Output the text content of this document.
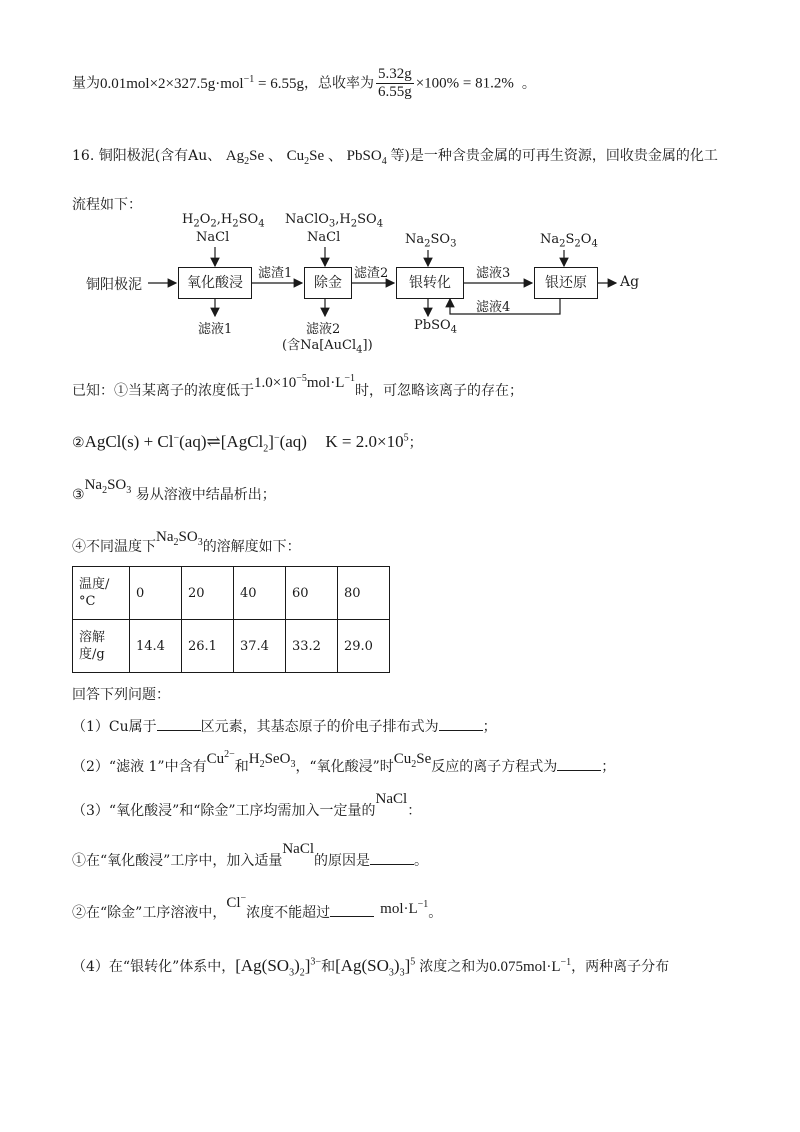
量为0.01mol×2×327.5g·mol$^{-1}$ = 6.55g，总收率为 $\frac{5.32g}{6.55g} \times 100\% = 81.2\%$ 。
16. 铜阳极泥(含有Au、 $Ag_2Se$ 、 $Cu_2Se$ 、 PbSO$_4$ 等)是一种含贵金属的可再生资源，回收贵金属的化工
流程如下：
$H_2O_2,H_2SO_4$
NaCl
$NaClO_3,H_2SO_4$
NaCl	$Na_2SO_3$	$Na_2S_2O_4$
铜阳极泥	氧化酸浸	除金	银转化	银还原	Ag
滤渣1	滤渣2	滤液3
滤液4
滤液1	滤液2
(含Na[AuCl$_4$])
PbSO$_4$
已知：①当某离子的浓度低于$1.0\times 10^{-5}mol\cdot L^{-1}$时，可忽略该离子的存在；
②AgCl(s) + Cl−(aq)⇌[AgCl$_2$]−(aq) $K = 2.0\times 10^5$；
$③Na_2SO_3$ 易从溶液中结晶析出；
④不同温度下$Na_2SO_3$的溶解度如下：
温度/°C	0	20	40	60	80
溶解度/g	14.4	26.1	37.4	33.2	29.0
回答下列问题：
（1）Cu属于	区元素，其基态原子的价电子排布式为	；
（2）“滤液 1”中含有$Cu^{2-}$和$H_2SeO_3$，“氧化酸浸”时$Cu_2Se$反应的离子方程式为	；
（3）“氧化酸浸”和“除金”工序均需加入一定量的NaCl：
①在“氧化酸浸”工序中，加入适量NaCl的原因是	。
②在“除金”工序溶液中，Cl−浓度不能超过	$mol\cdot L^{-1}$。
（4）在“银转化”体系中，$[Ag(SO_3)_2]^{3-}$和$[Ag(SO_3)_3]^5$ 浓度之和为$0.075mol\cdot L^{-1}$，两种离子分布
